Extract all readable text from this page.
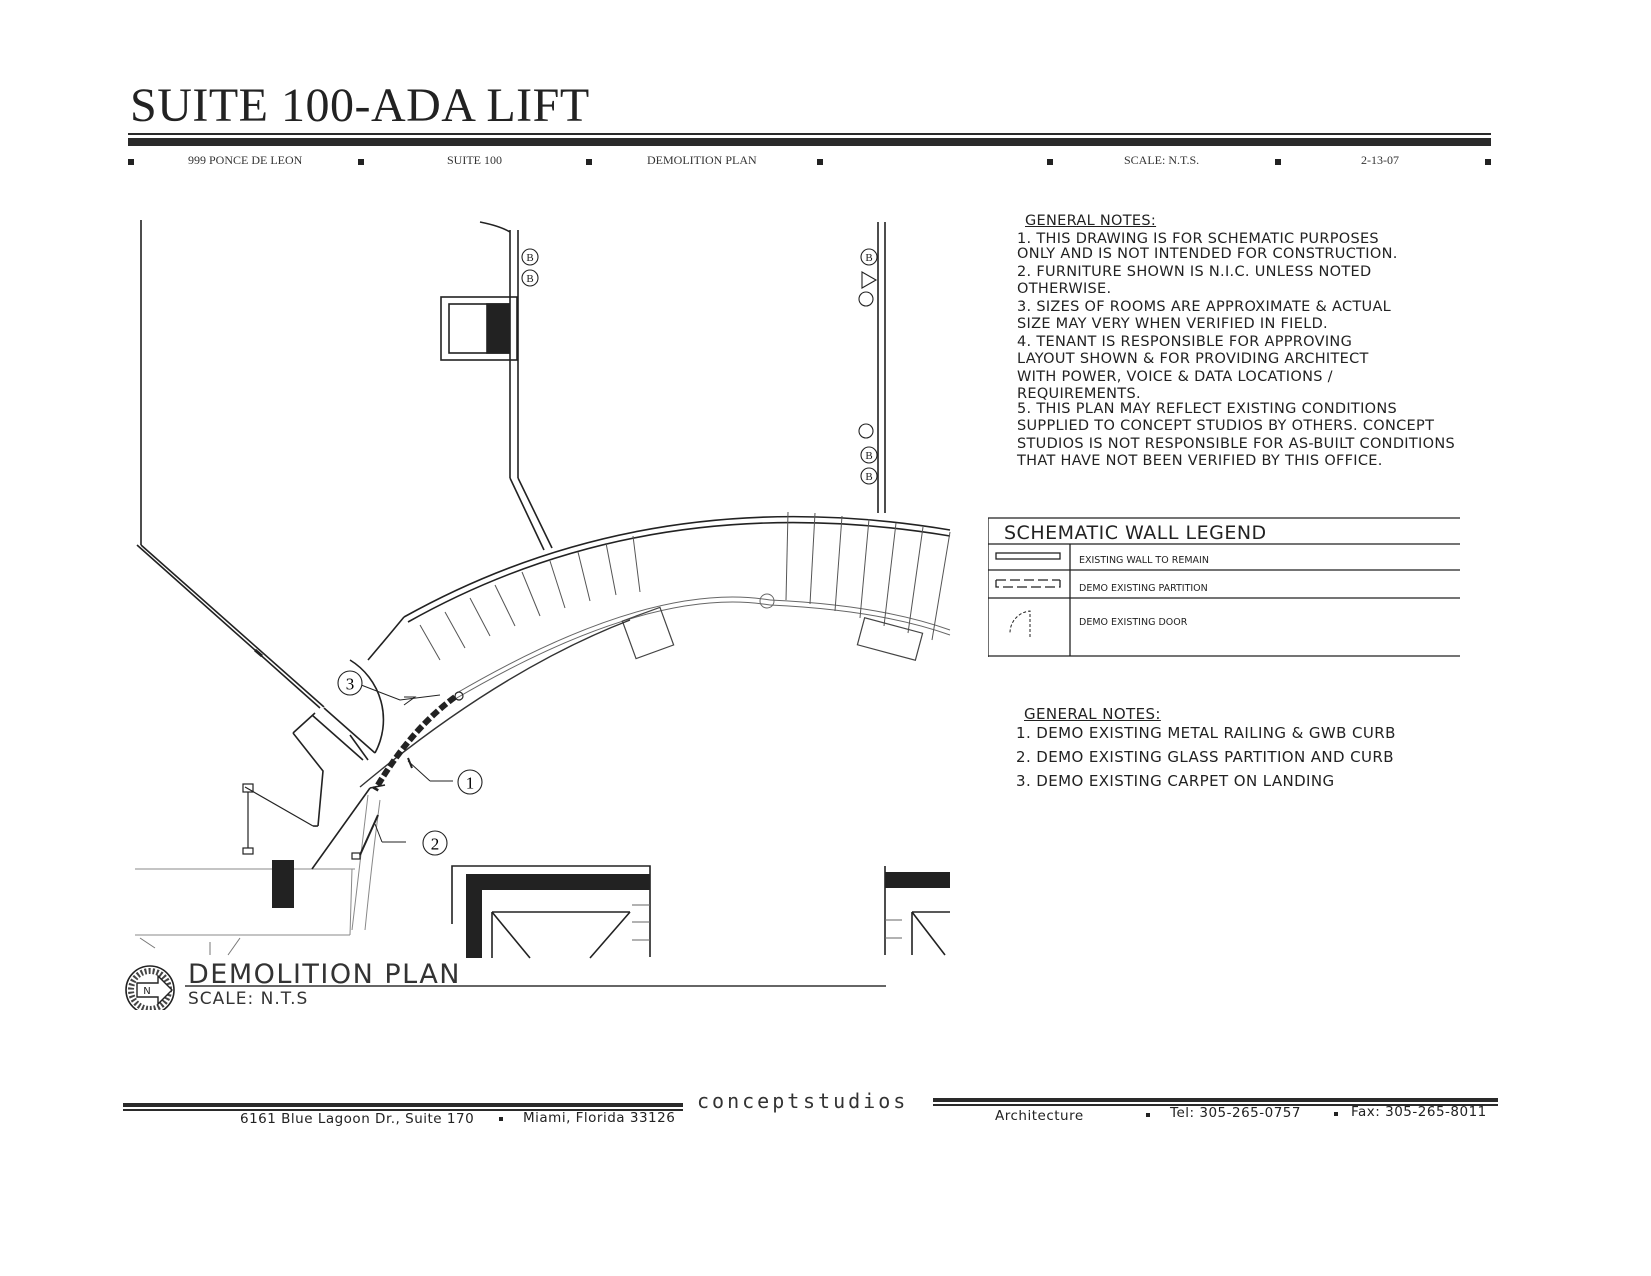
SUITE 100-ADA LIFT
999 PONCE DE LEON	SUITE 100	DEMOLITION PLAN	SCALE: N.T.S.	2-13-07
B
B
B
B
B
1
2
3
N
DEMOLITION PLAN
SCALE: N.T.S
GENERAL NOTES:
1. THIS DRAWING IS FOR SCHEMATIC PURPOSES
ONLY AND IS NOT INTENDED FOR CONSTRUCTION.
2. FURNITURE SHOWN IS N.I.C. UNLESS NOTED
OTHERWISE.
3. SIZES OF ROOMS ARE APPROXIMATE & ACTUAL
SIZE MAY VERY WHEN VERIFIED IN FIELD.
4. TENANT IS RESPONSIBLE FOR APPROVING
LAYOUT SHOWN & FOR PROVIDING ARCHITECT
WITH POWER, VOICE & DATA LOCATIONS /
REQUIREMENTS.
5. THIS PLAN MAY REFLECT EXISTING CONDITIONS
SUPPLIED TO CONCEPT STUDIOS BY OTHERS. CONCEPT
STUDIOS IS NOT RESPONSIBLE FOR AS-BUILT CONDITIONS
THAT HAVE NOT BEEN VERIFIED BY THIS OFFICE.
SCHEMATIC WALL LEGEND
EXISTING WALL TO REMAIN
DEMO EXISTING PARTITION
DEMO EXISTING DOOR
GENERAL NOTES:
1. DEMO EXISTING METAL RAILING & GWB CURB
2. DEMO EXISTING GLASS PARTITION AND CURB
3. DEMO EXISTING CARPET ON LANDING
concept studios
6161 Blue Lagoon Dr., Suite 170	Miami, Florida 33126	Architecture	Tel: 305-265-0757	Fax: 305-265-8011
